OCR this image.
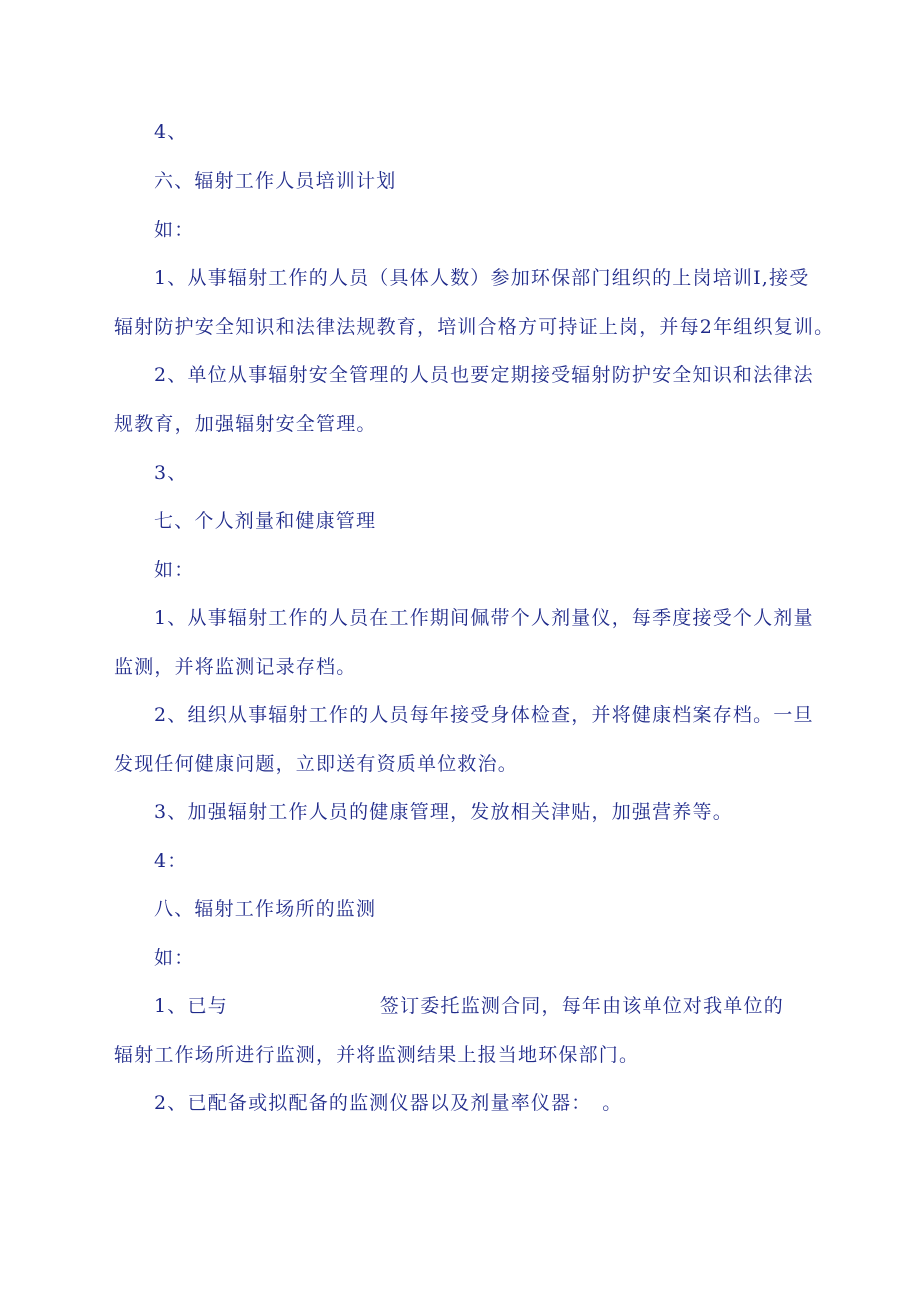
4、
六、辐射工作人员培训计划
如：
1、从事辐射工作的人员（具体人数）参加环保部门组织的上岗培训I,接受
辐射防护安全知识和法律法规教育，培训合格方可持证上岗，并每2年组织复训。
2、单位从事辐射安全管理的人员也要定期接受辐射防护安全知识和法律法
规教育，加强辐射安全管理。
3、
七、个人剂量和健康管理
如：
1、从事辐射工作的人员在工作期间佩带个人剂量仪，每季度接受个人剂量
监测，并将监测记录存档。
2、组织从事辐射工作的人员每年接受身体检查，并将健康档案存档。一旦
发现任何健康问题，立即送有资质单位救治。
3、加强辐射工作人员的健康管理，发放相关津贴，加强营养等。
4：
八、辐射工作场所的监测
如：
1、已与	签订委托监测合同，每年由该单位对我单位的
辐射工作场所进行监测，并将监测结果上报当地环保部门。
2、已配备或拟配备的监测仪器以及剂量率仪器：　。
